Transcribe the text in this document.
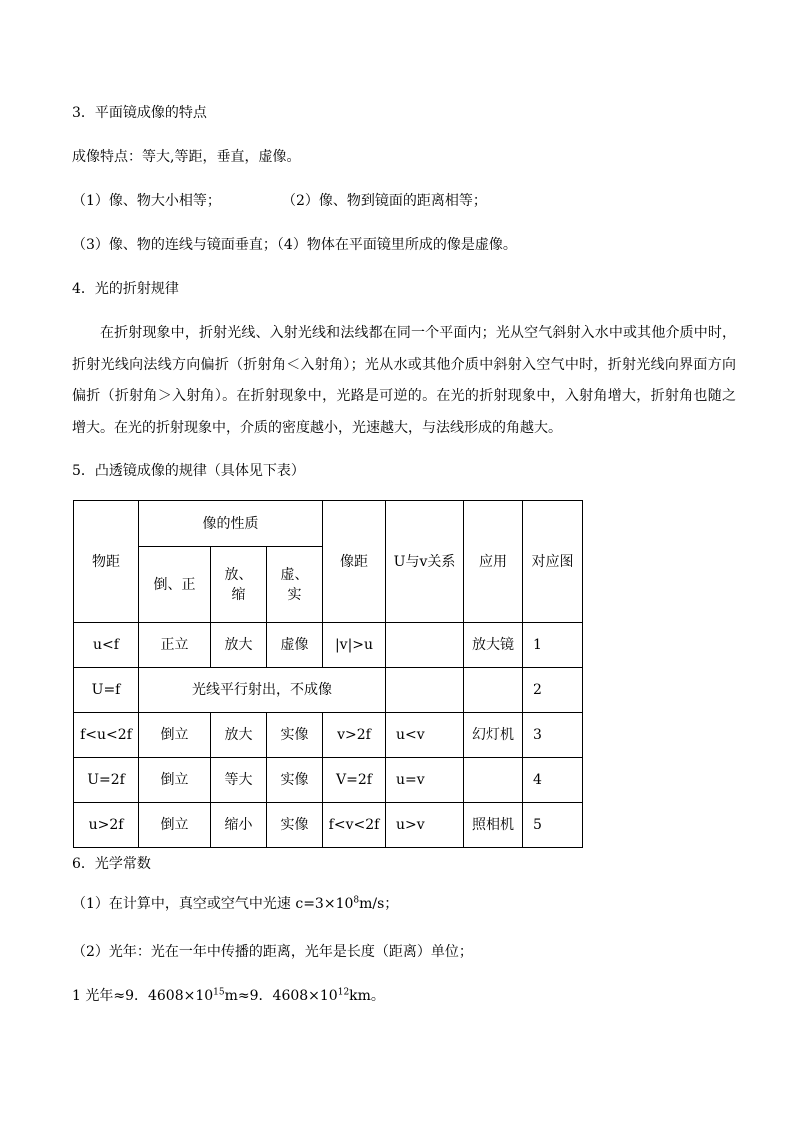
3．平面镜成像的特点
成像特点：等大,等距，垂直，虚像。
（1）像、物大小相等；	（2）像、物到镜面的距离相等；
（3）像、物的连线与镜面垂直；（4）物体在平面镜里所成的像是虚像。
4．光的折射规律
在折射现象中，折射光线、入射光线和法线都在同一个平面内；光从空气斜射入水中或其他介质中时，折射光线向法线方向偏折（折射角＜入射角）；光从水或其他介质中斜射入空气中时，折射光线向界面方向偏折（折射角＞入射角）。在折射现象中，光路是可逆的。在光的折射现象中，入射角增大，折射角也随之增大。在光的折射现象中，介质的密度越小，光速越大，与法线形成的角越大。
5．凸透镜成像的规律（具体见下表）
物距	像的性质			像距	U与v关系	应用	对应图
	倒、正	放、缩	虚、实				
u<f	正立	放大	虚像	|v|>u		放大镜	1
U=f	光线平行射出，不成像						2
f<u<2f	倒立	放大	实像	v>2f	u<v	幻灯机	3
U=2f	倒立	等大	实像	V=2f	u=v		4
u>2f	倒立	缩小	实像	f<v<2f	u>v	照相机	5
6．光学常数
（1）在计算中，真空或空气中光速 $c=3\times 10^8m/s$；
（2）光年：光在一年中传播的距离，光年是长度（距离）单位；
1 光年≈9．$4608\times 10^{15}m\approx 9$．$4608\times 10^{12}km$。
